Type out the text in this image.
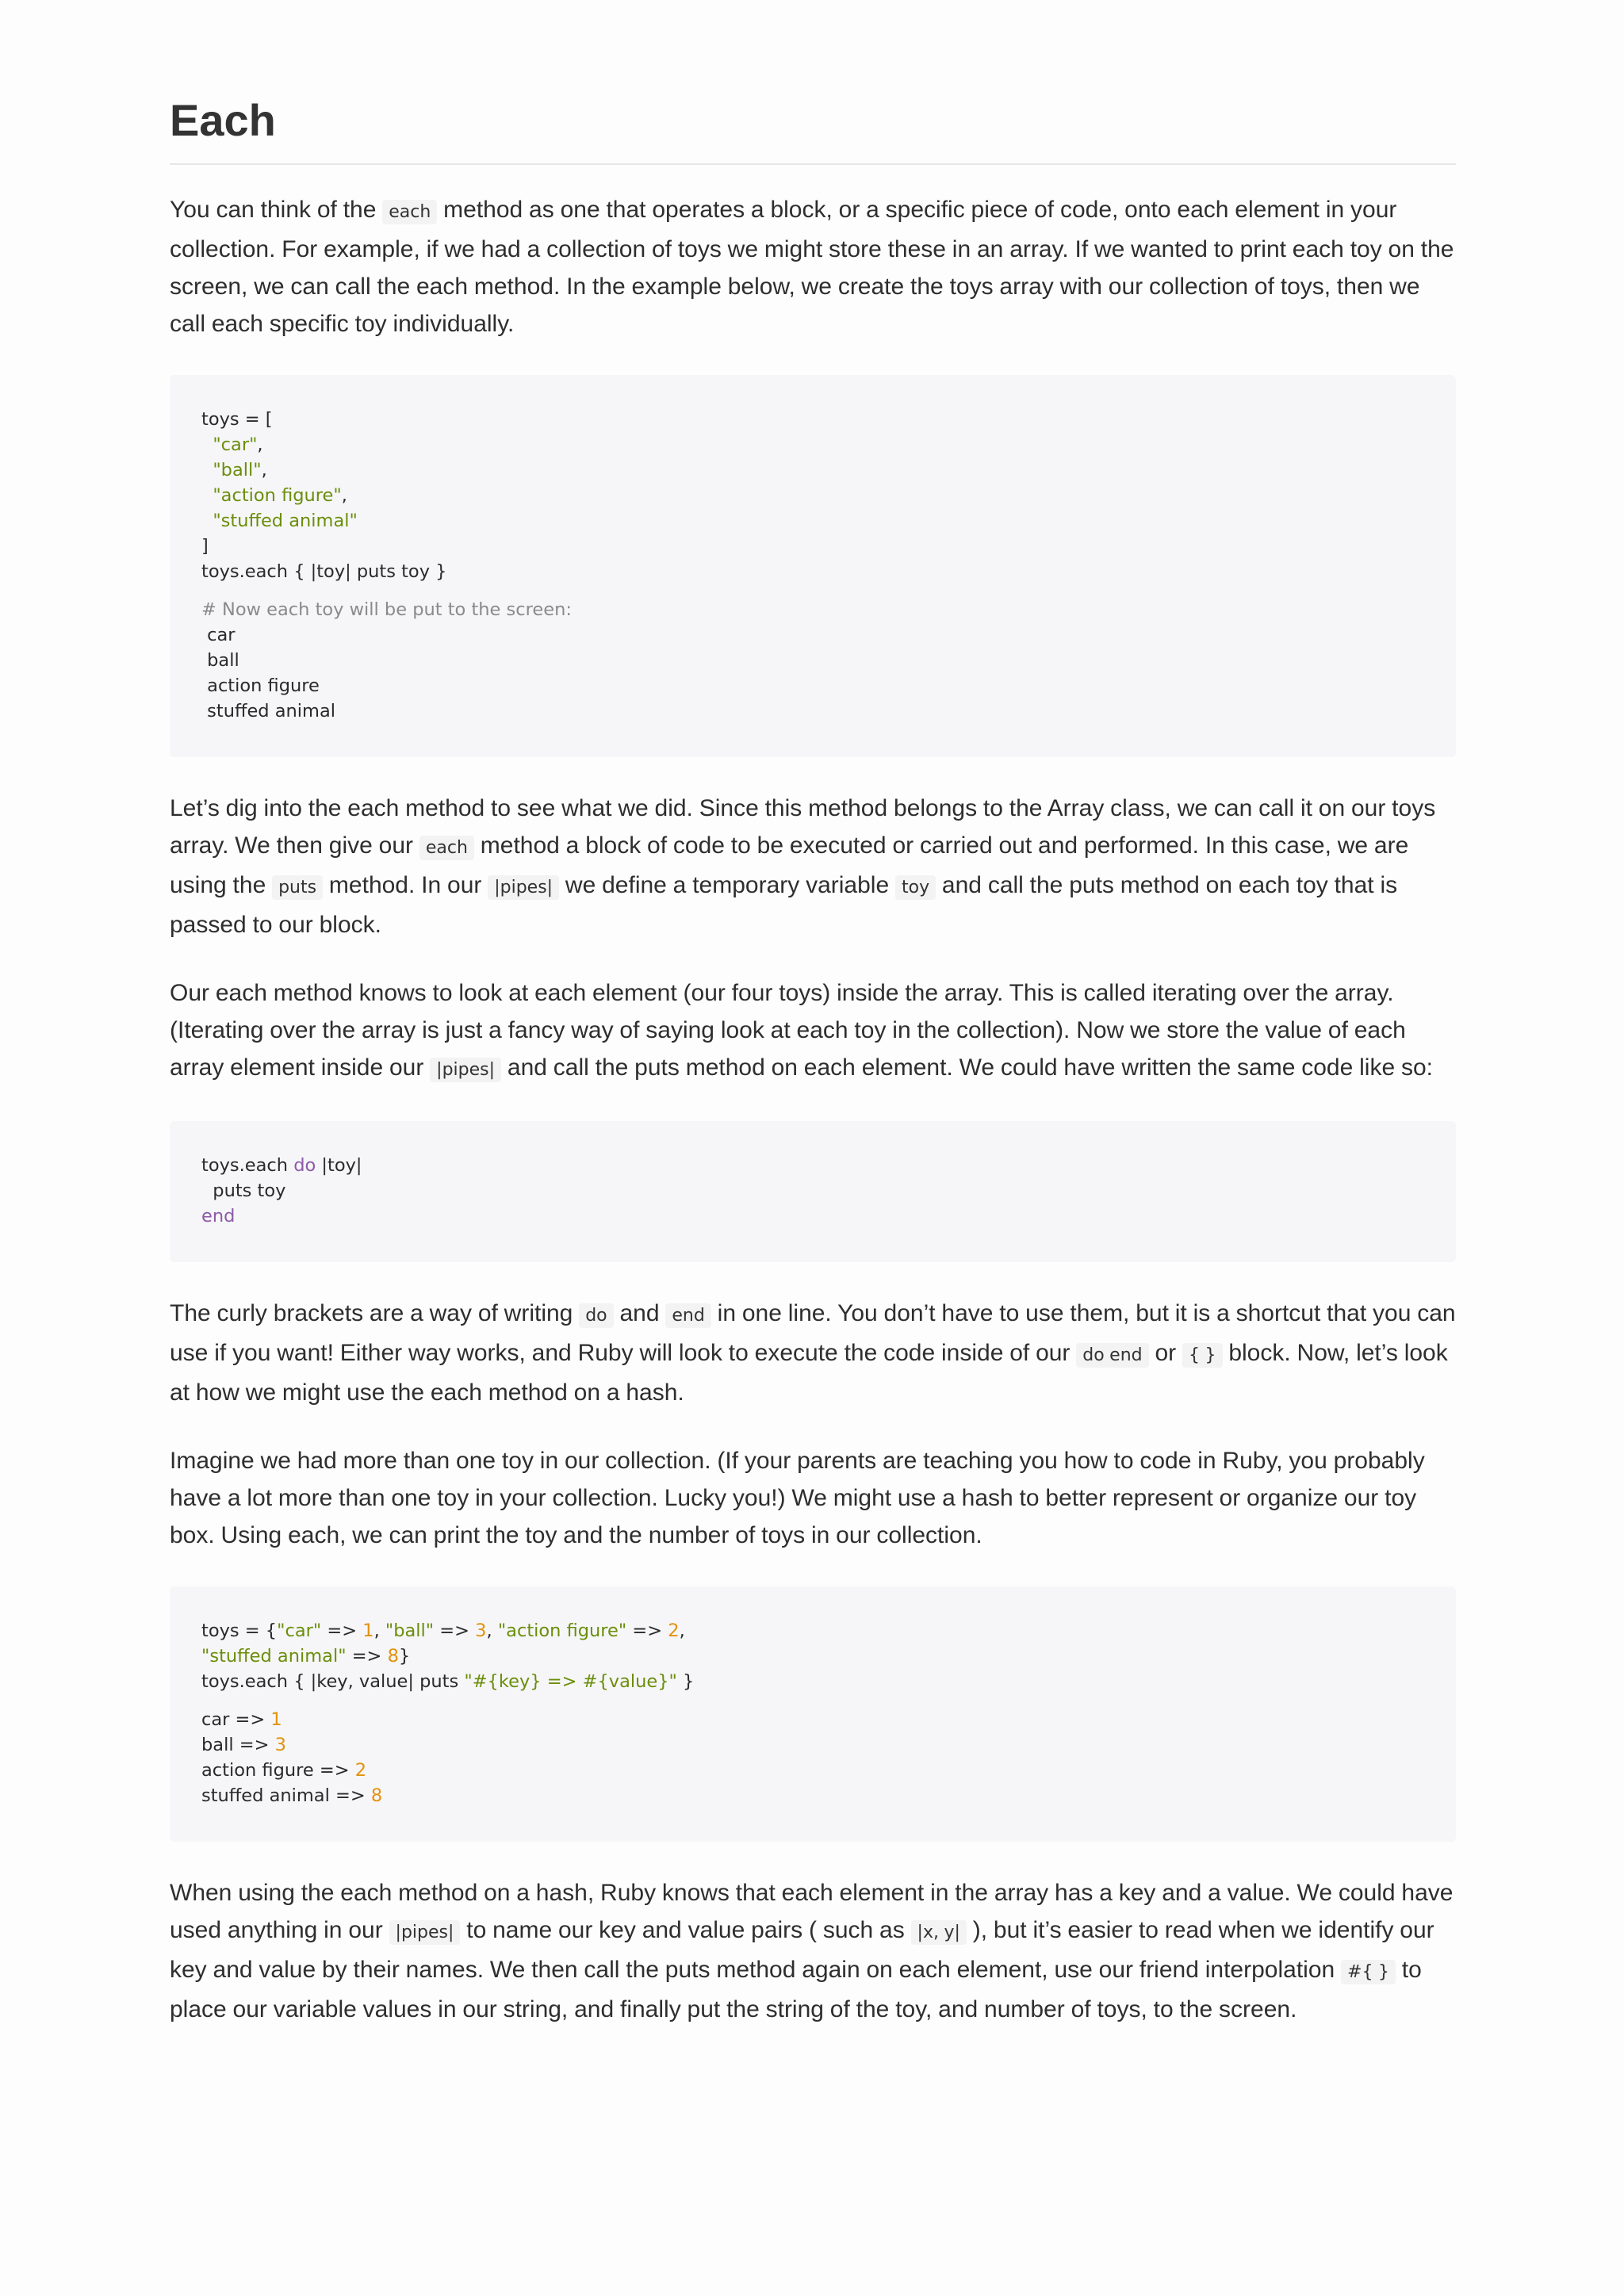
Each

You can think of the each method as one that operates a block, or a specific piece of code, onto each element in your collection. For example, if we had a collection of toys we might store these in an array. If we wanted to print each toy on the screen, we can call the each method. In the example below, we create the toys array with our collection of toys, then we call each specific toy individually.

toys = [
"car",
"ball",
"action figure",
"stuffed animal"
]
toys.each { |toy| puts toy }

# Now each toy will be put to the screen:
car
ball
action figure
stuffed animal

Let’s dig into the each method to see what we did. Since this method belongs to the Array class, we can call it on our toys array. We then give our each method a block of code to be executed or carried out and performed. In this case, we are using the puts method. In our |pipes| we define a temporary variable toy and call the puts method on each toy that is passed to our block.

Our each method knows to look at each element (our four toys) inside the array. This is called iterating over the array. (Iterating over the array is just a fancy way of saying look at each toy in the collection). Now we store the value of each array element inside our |pipes| and call the puts method on each element. We could have written the same code like so:

toys.each do |toy|
puts toy
end

The curly brackets are a way of writing do and end in one line. You don’t have to use them, but it is a shortcut that you can use if you want! Either way works, and Ruby will look to execute the code inside of our do end or { } block. Now, let’s look at how we might use the each method on a hash.

Imagine we had more than one toy in our collection. (If your parents are teaching you how to code in Ruby, you probably have a lot more than one toy in your collection. Lucky you!) We might use a hash to better represent or organize our toy box. Using each, we can print the toy and the number of toys in our collection.

toys = {"car" => 1, "ball" => 3, "action figure" => 2,
"stuffed animal" => 8}
toys.each { |key, value| puts "#{key} => #{value}" }

car => 1
ball => 3
action figure => 2
stuffed animal => 8

When using the each method on a hash, Ruby knows that each element in the array has a key and a value. We could have used anything in our |pipes| to name our key and value pairs ( such as |x, y| ), but it’s easier to read when we identify our key and value by their names. We then call the puts method again on each element, use our friend interpolation #{ } to place our variable values in our string, and finally put the string of the toy, and number of toys, to the screen.
